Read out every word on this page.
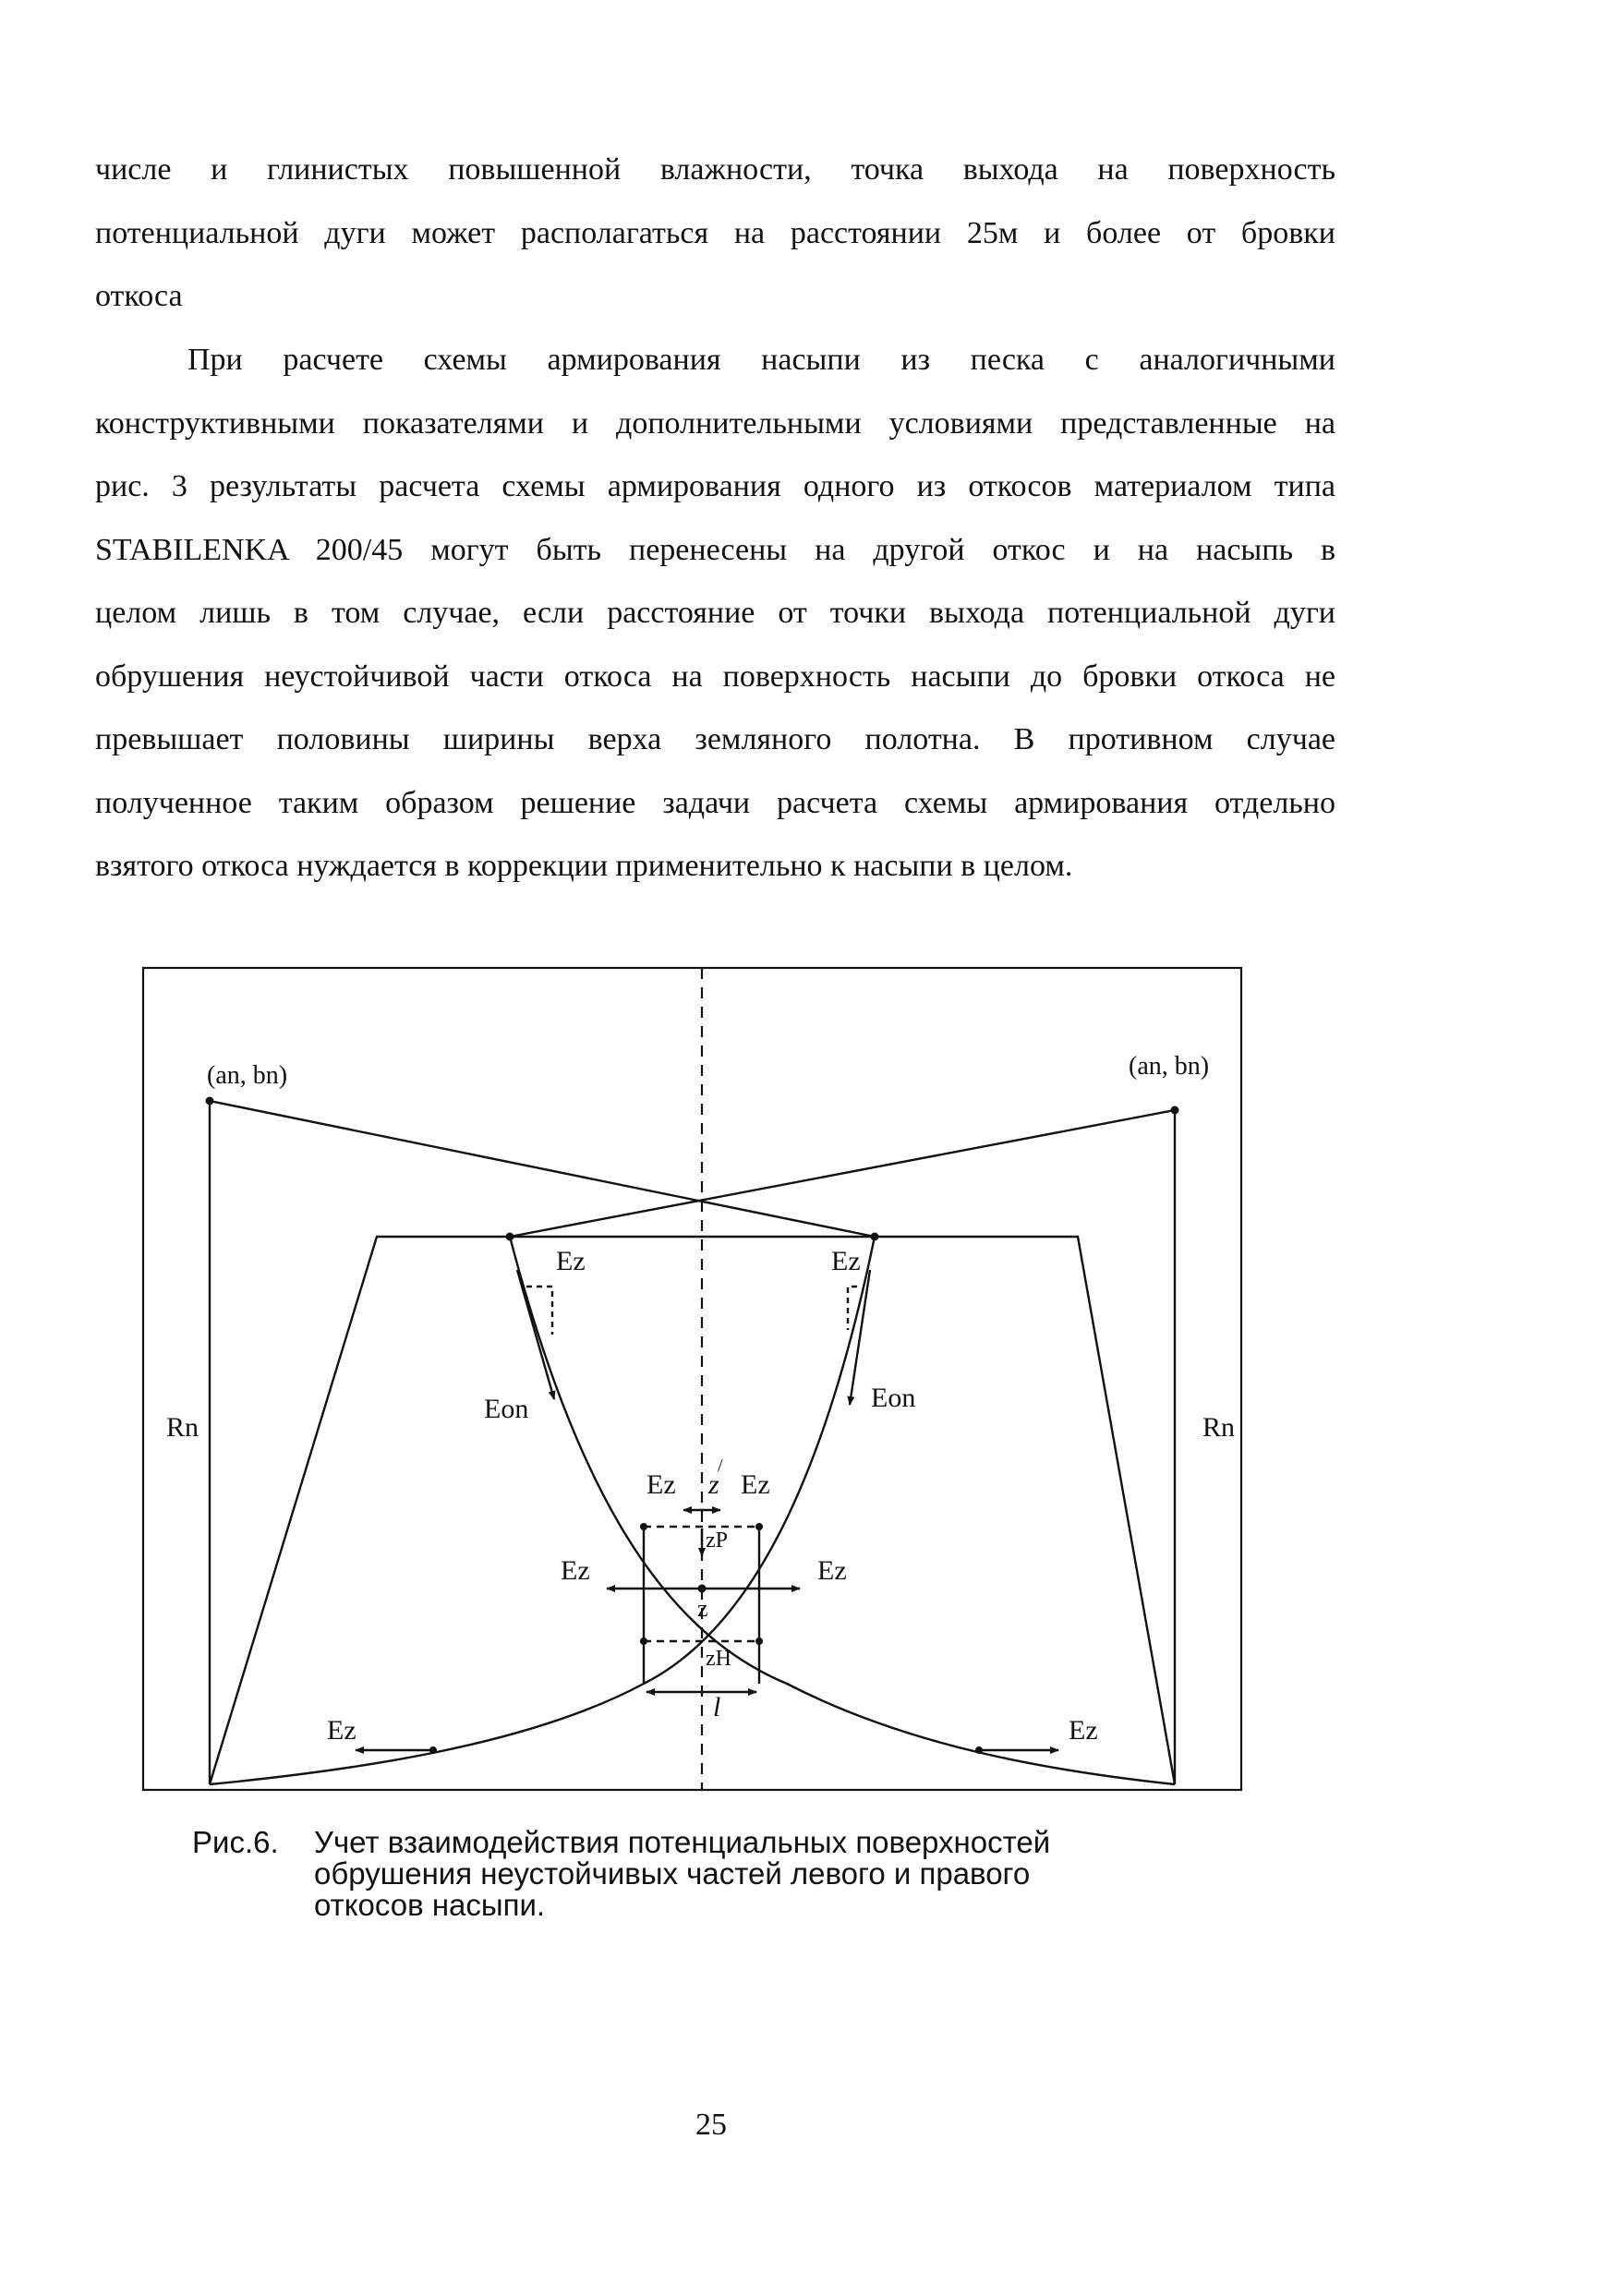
числе и глинистых повышенной влажности, точка выхода на поверхность
потенциальной дуги может располагаться на расстоянии 25м и более от бровки
откоса
При расчете схемы армирования насыпи из песка с аналогичными
конструктивными показателями и дополнительными условиями представленные на
рис. 3 результаты расчета схемы армирования одного из откосов материалом типа
STABILENKA 200/45 могут быть перенесены на другой откос и на насыпь в
целом лишь в том случае, если расстояние от точки выхода потенциальной дуги
обрушения неустойчивой части откоса на поверхность насыпи до бровки откоса не
превышает половины ширины верха земляного полотна. В противном случае
полученное таким образом решение задачи расчета схемы армирования отдельно
взятого откоса нуждается в коррекции применительно к насыпи в целом.
(an, bn)	(an, bn)
Rn	Rn
Ez	Ez
Eon	Eon
Ez z
/
Ez
zP
Ez	Ez
z
zH
l
Ez	Ez
Рис.6. Учет взаимодействия потенциальных поверхностей
обрушения неустойчивых частей левого и правого
откосов насыпи.
25
